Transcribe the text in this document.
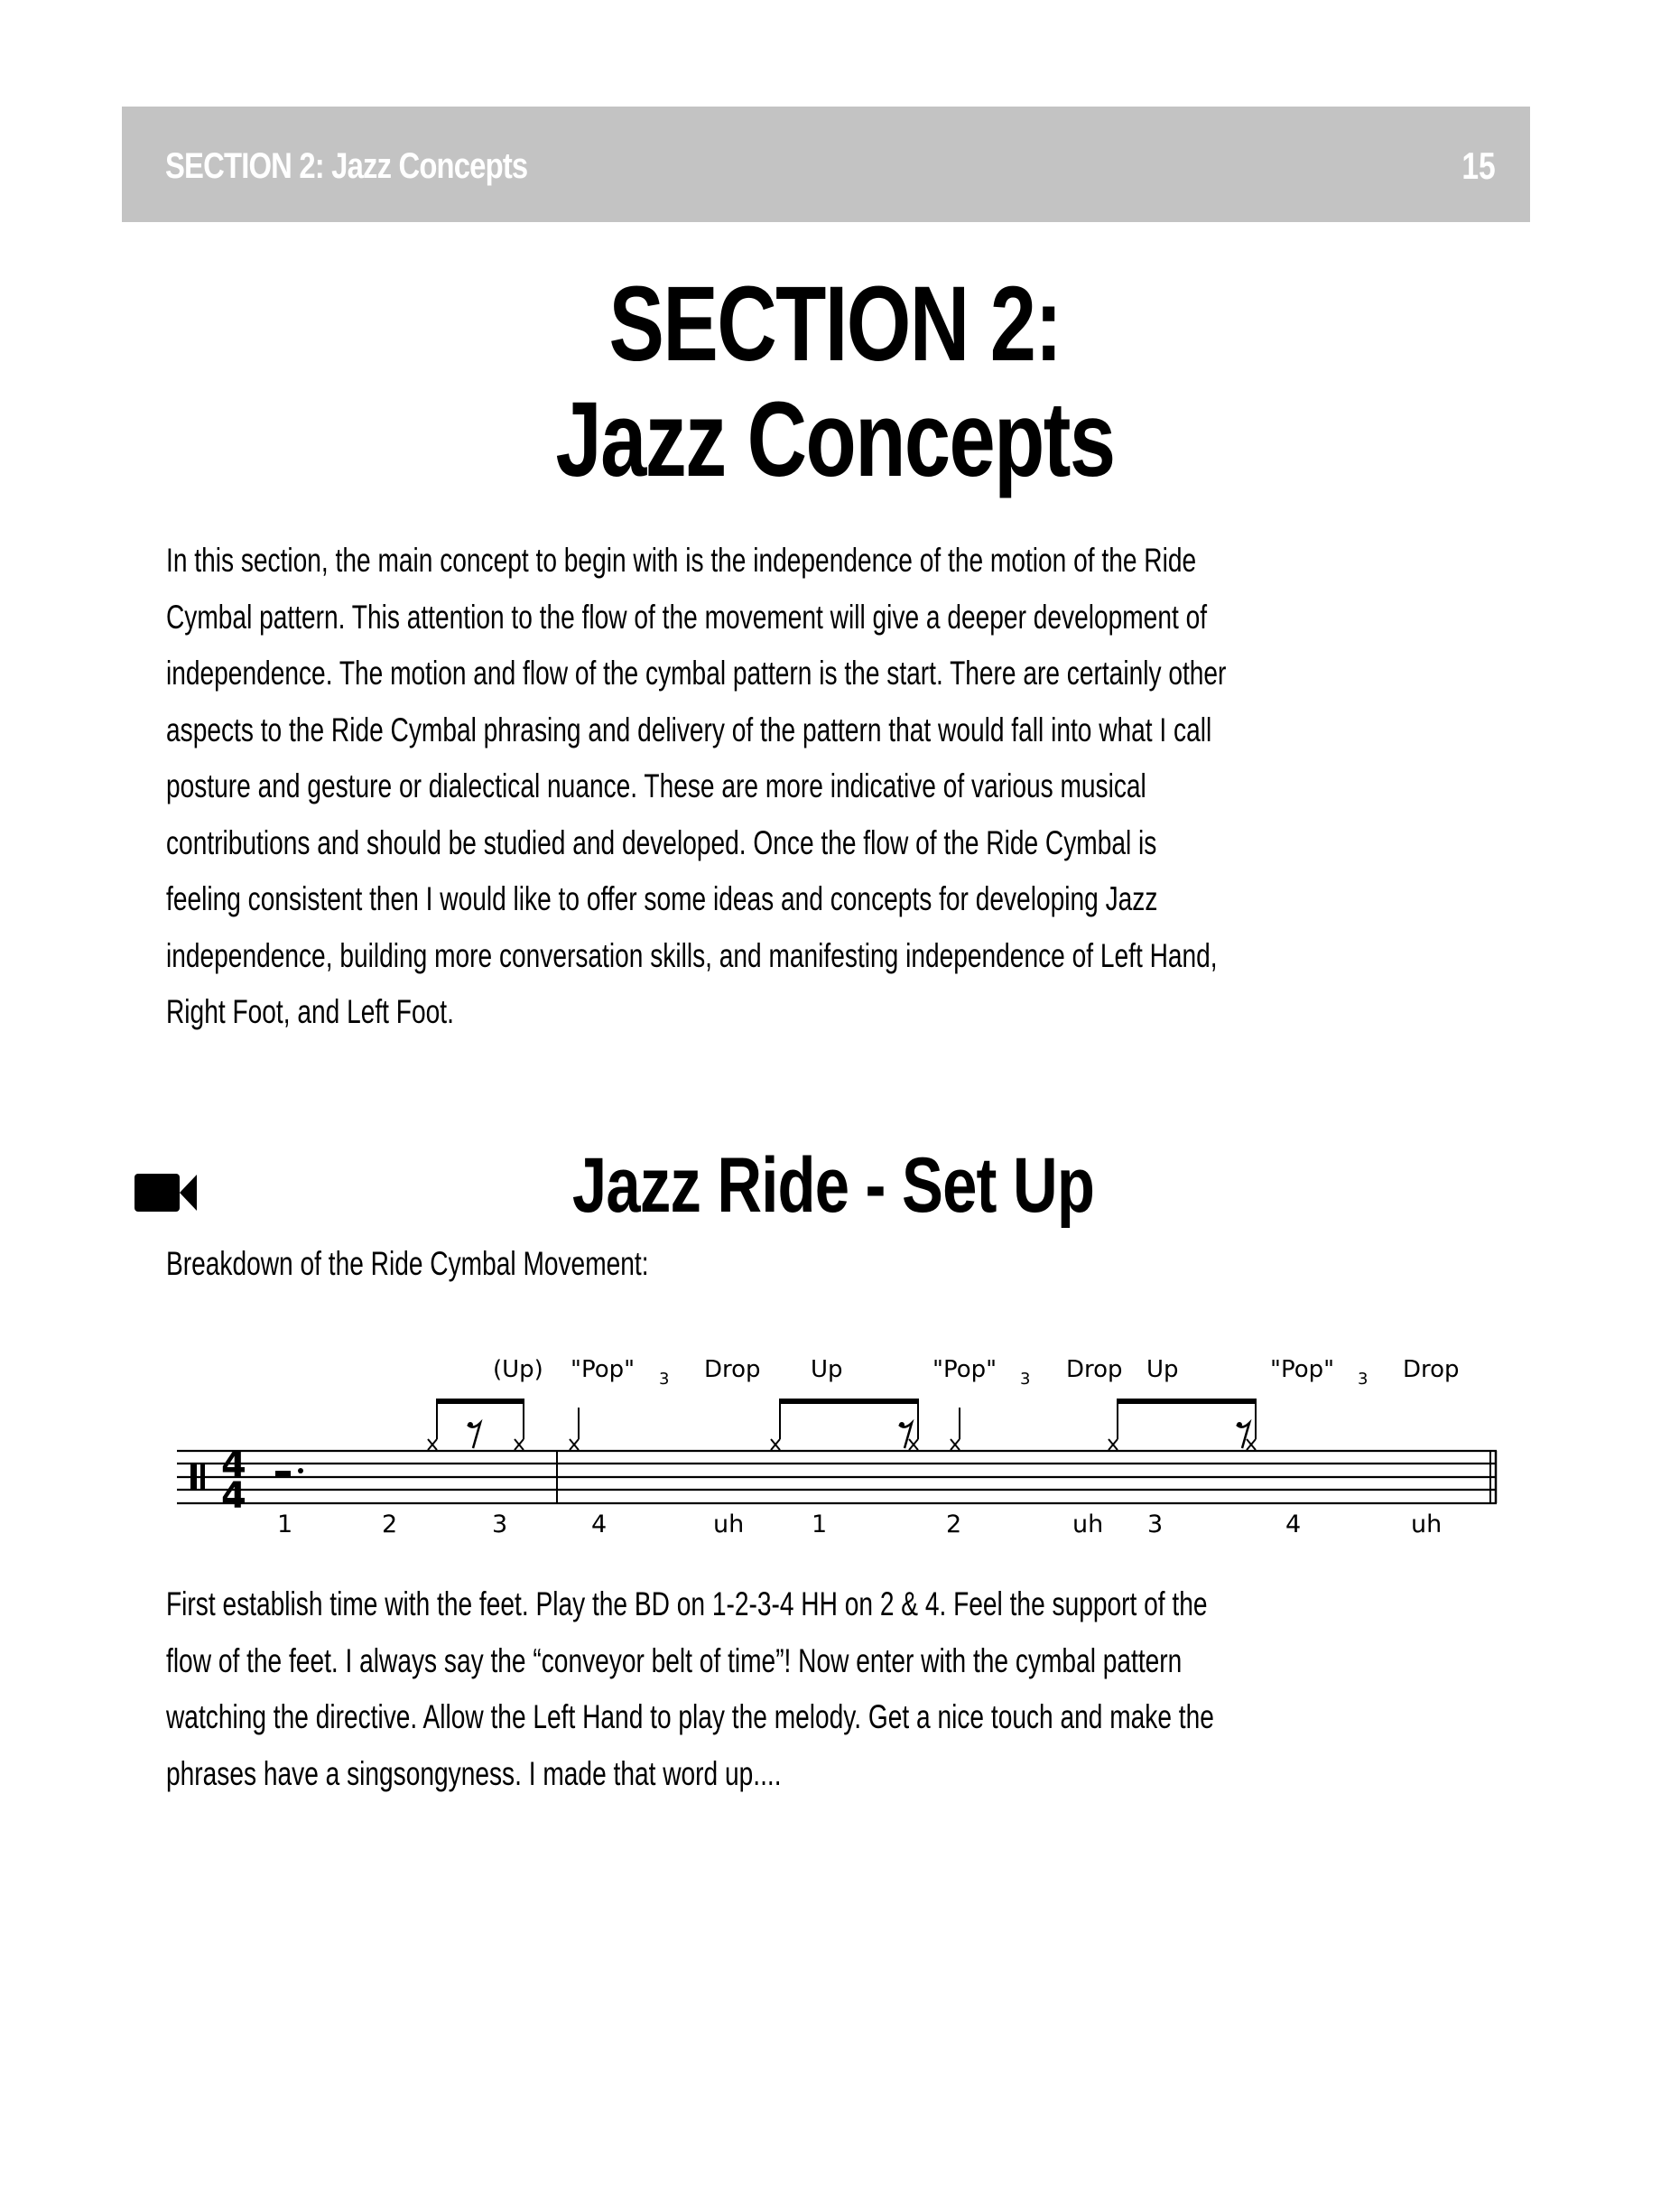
SECTION 2: Jazz Concepts	15
SECTION 2:
Jazz Concepts
In this section, the main concept to begin with is the independence of the motion of the Ride
Cymbal pattern. This attention to the flow of the movement will give a deeper development of
independence. The motion and flow of the cymbal pattern is the start. There are certainly other
aspects to the Ride Cymbal phrasing and delivery of the pattern that would fall into what I call
posture and gesture or dialectical nuance. These are more indicative of various musical
contributions and should be studied and developed. Once the flow of the Ride Cymbal is
feeling consistent then I would like to offer some ideas and concepts for developing Jazz
independence, building more conversation skills, and manifesting independence of Left Hand,
Right Foot, and Left Foot.
Jazz Ride - Set Up
Breakdown of the Ride Cymbal Movement:
4
4
(Up) "Pop" 3 Drop Up	"Pop" 3 Drop Up	"Pop" 3 Drop
1	2	3	4	uh	1	2	uh 3	4	uh
First establish time with the feet. Play the BD on 1-2-3-4 HH on 2 & 4. Feel the support of the
flow of the feet. I always say the “conveyor belt of time”! Now enter with the cymbal pattern
watching the directive. Allow the Left Hand to play the melody. Get a nice touch and make the
phrases have a singsongyness. I made that word up....
